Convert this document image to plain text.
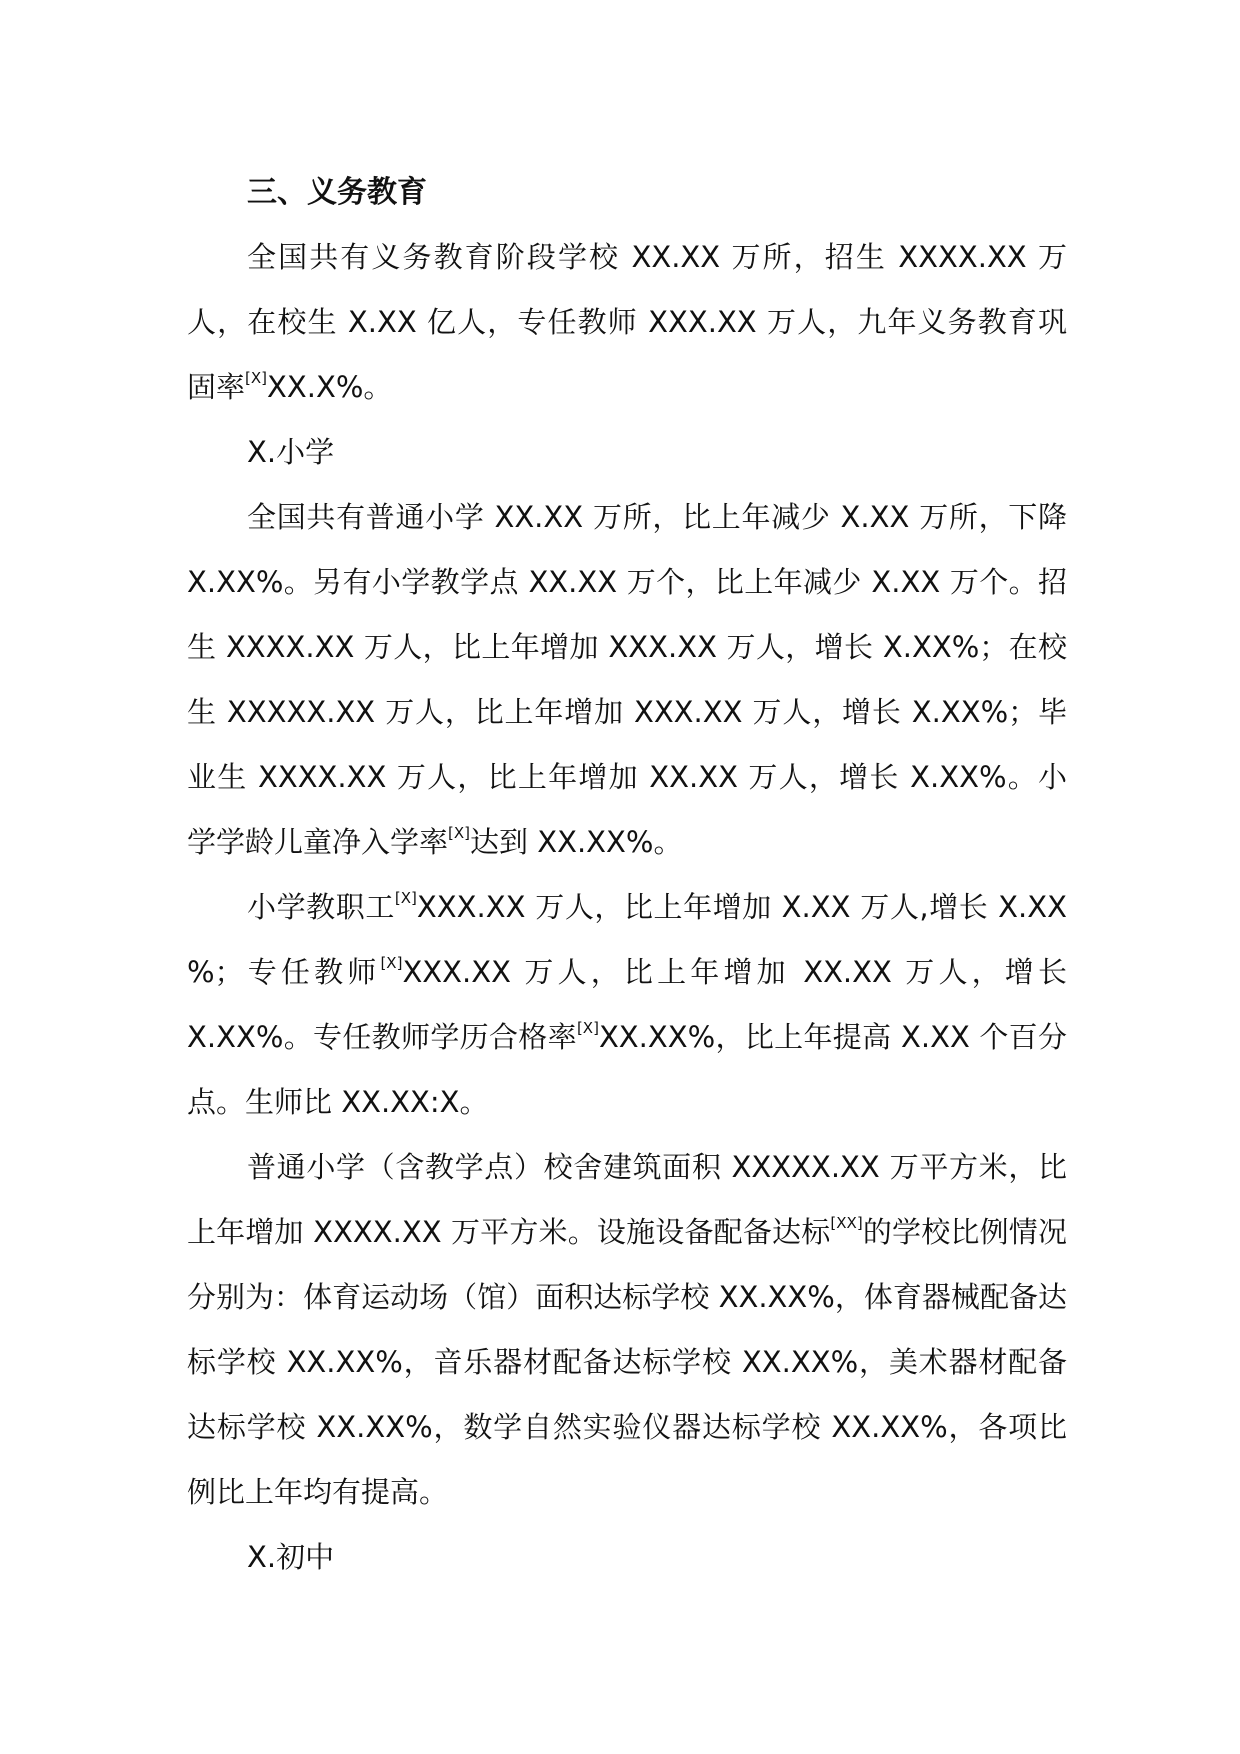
三、义务教育

全国共有义务教育阶段学校 XX.XX 万所，招生 XXXX.XX 万人，在校生 X.XX 亿人，专任教师 XXX.XX 万人，九年义务教育巩固率[X]XX.X%。

X.小学

全国共有普通小学 XX.XX 万所，比上年减少 X.XX 万所，下降 X.XX%。另有小学教学点 XX.XX 万个，比上年减少 X.XX 万个。招生 XXXX.XX 万人，比上年增加 XXX.XX 万人，增长 X.XX%；在校生 XXXXX.XX 万人，比上年增加 XXX.XX 万人，增长 X.XX%；毕业生 XXXX.XX 万人，比上年增加 XX.XX 万人，增长 X.XX%。小学学龄儿童净入学率[X]达到 XX.XX%。

小学教职工[X]XXX.XX 万人，比上年增加 X.XX 万人,增长 X.XX %；专任教师[X]XXX.XX 万人，比上年增加 XX.XX 万人，增长 X.XX%。专任教师学历合格率[X]XX.XX%，比上年提高 X.XX 个百分点。生师比 XX.XX:X。

普通小学（含教学点）校舍建筑面积 XXXXX.XX 万平方米，比上年增加 XXXX.XX 万平方米。设施设备配备达标[XX]的学校比例情况分别为：体育运动场（馆）面积达标学校 XX.XX%，体育器械配备达标学校 XX.XX%，音乐器材配备达标学校 XX.XX%，美术器材配备达标学校 XX.XX%，数学自然实验仪器达标学校 XX.XX%，各项比例比上年均有提高。

X.初中
